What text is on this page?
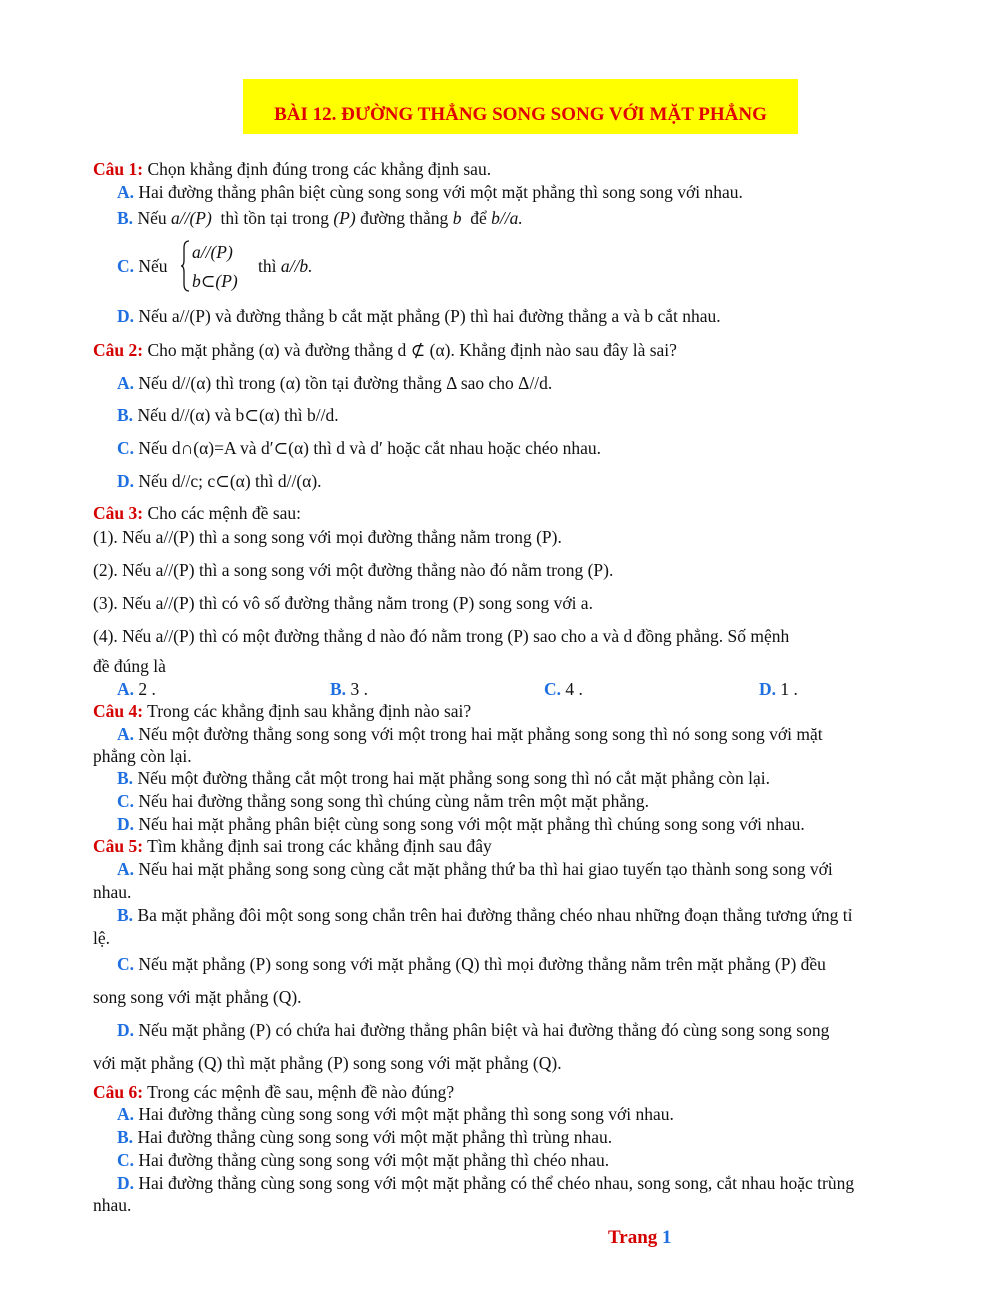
BÀI 12. ĐƯỜNG THẲNG SONG SONG VỚI MẶT PHẲNG
Câu 1: Chọn khẳng định đúng trong các khẳng định sau.
A. Hai đường thẳng phân biệt cùng song song với một mặt phẳng thì song song với nhau.
B. Nếu a//(P) thì tồn tại trong (P) đường thẳng b để b//a.
C. Nếu
a//(P)
b⊂(P)
thì a//b.
D. Nếu a//(P) và đường thẳng b cắt mặt phẳng (P) thì hai đường thẳng a và b cắt nhau.
Câu 2: Cho mặt phẳng (α) và đường thẳng d ⊄ (α). Khẳng định nào sau đây là sai?
A. Nếu d//(α) thì trong (α) tồn tại đường thẳng Δ sao cho Δ//d.
B. Nếu d//(α) và b⊂(α) thì b//d.
C. Nếu d∩(α)=A và d′⊂(α) thì d và d′ hoặc cắt nhau hoặc chéo nhau.
D. Nếu d//c; c⊂(α) thì d//(α).
Câu 3: Cho các mệnh đề sau:
(1). Nếu a//(P) thì a song song với mọi đường thẳng nằm trong (P).
(2). Nếu a//(P) thì a song song với một đường thẳng nào đó nằm trong (P).
(3). Nếu a//(P) thì có vô số đường thẳng nằm trong (P) song song với a.
(4). Nếu a//(P) thì có một đường thẳng d nào đó nằm trong (P) sao cho a và d đồng phẳng. Số mệnh
đề đúng là
A. 2 .	B. 3 .	C. 4 .	D. 1 .
Câu 4: Trong các khẳng định sau khẳng định nào sai?
A. Nếu một đường thẳng song song với một trong hai mặt phẳng song song thì nó song song với mặt
phẳng còn lại.
B. Nếu một đường thẳng cắt một trong hai mặt phẳng song song thì nó cắt mặt phẳng còn lại.
C. Nếu hai đường thẳng song song thì chúng cùng nằm trên một mặt phẳng.
D. Nếu hai mặt phẳng phân biệt cùng song song với một mặt phẳng thì chúng song song với nhau.
Câu 5: Tìm khẳng định sai trong các khẳng định sau đây
A. Nếu hai mặt phẳng song song cùng cắt mặt phẳng thứ ba thì hai giao tuyến tạo thành song song với
nhau.
B. Ba mặt phẳng đôi một song song chắn trên hai đường thẳng chéo nhau những đoạn thẳng tương ứng tỉ
lệ.
C. Nếu mặt phẳng (P) song song với mặt phẳng (Q) thì mọi đường thẳng nằm trên mặt phẳng (P) đều
song song với mặt phẳng (Q).
D. Nếu mặt phẳng (P) có chứa hai đường thẳng phân biệt và hai đường thẳng đó cùng song song song
với mặt phẳng (Q) thì mặt phẳng (P) song song với mặt phẳng (Q).
Câu 6: Trong các mệnh đề sau, mệnh đề nào đúng?
A. Hai đường thẳng cùng song song với một mặt phẳng thì song song với nhau.
B. Hai đường thẳng cùng song song với một mặt phẳng thì trùng nhau.
C. Hai đường thẳng cùng song song với một mặt phẳng thì chéo nhau.
D. Hai đường thẳng cùng song song với một mặt phẳng có thể chéo nhau, song song, cắt nhau hoặc trùng
nhau.
Trang 1
